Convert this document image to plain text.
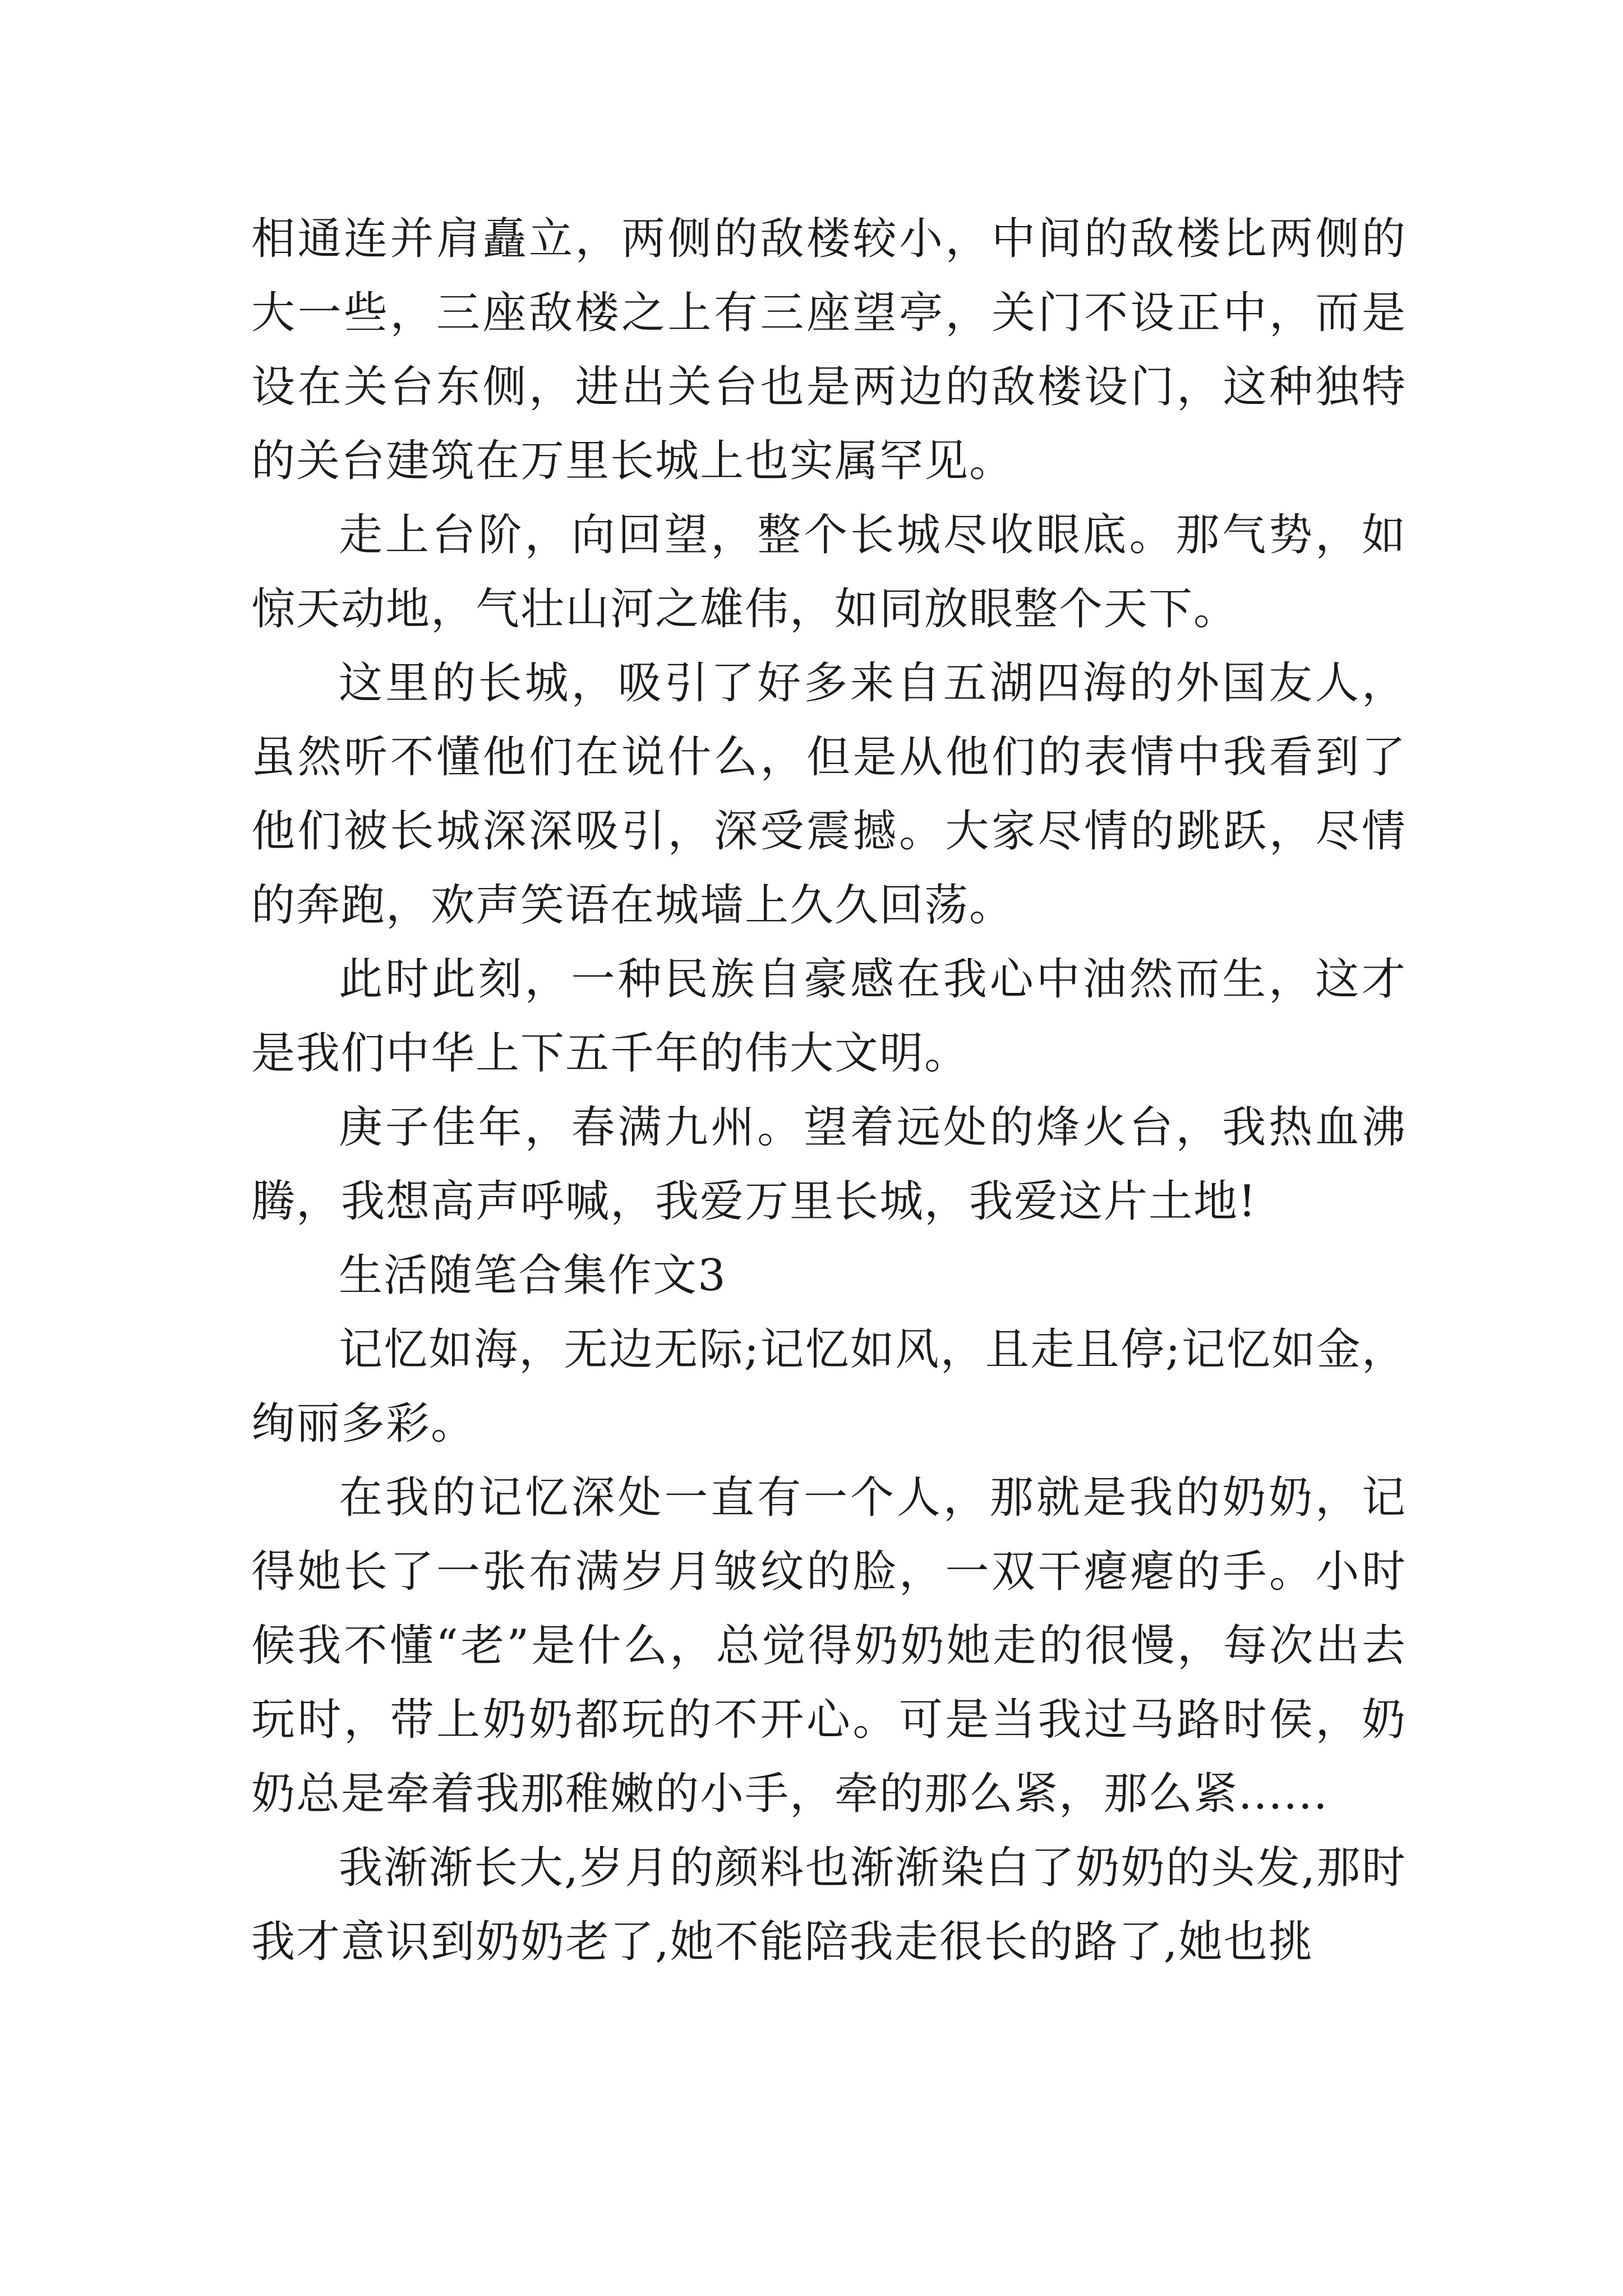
相通连并肩矗立，两侧的敌楼较小，中间的敌楼比两侧的大一些，三座敌楼之上有三座望亭，关门不设正中，而是设在关台东侧，进出关台也是两边的敌楼设门，这种独特的关台建筑在万里长城上也实属罕见。

走上台阶，向回望，整个长城尽收眼底。那气势，如惊天动地，气壮山河之雄伟，如同放眼整个天下。

这里的长城，吸引了好多来自五湖四海的外国友人，虽然听不懂他们在说什么，但是从他们的表情中我看到了他们被长城深深吸引，深受震撼。大家尽情的跳跃，尽情的奔跑，欢声笑语在城墙上久久回荡。

此时此刻，一种民族自豪感在我心中油然而生，这才是我们中华上下五千年的伟大文明。

庚子佳年，春满九州。望着远处的烽火台，我热血沸腾，我想高声呼喊，我爱万里长城，我爱这片土地!

生活随笔合集作文3

记忆如海，无边无际;记忆如风，且走且停;记忆如金，绚丽多彩。

在我的记忆深处一直有一个人，那就是我的奶奶，记得她长了一张布满岁月皱纹的脸，一双干瘪瘪的手。小时候我不懂“老”是什么，总觉得奶奶她走的很慢，每次出去玩时，带上奶奶都玩的不开心。可是当我过马路时侯，奶奶总是牵着我那稚嫩的小手，牵的那么紧，那么紧......

我渐渐长大,岁月的颜料也渐渐染白了奶奶的头发,那时我才意识到奶奶老了,她不能陪我走很长的路了,她也挑
